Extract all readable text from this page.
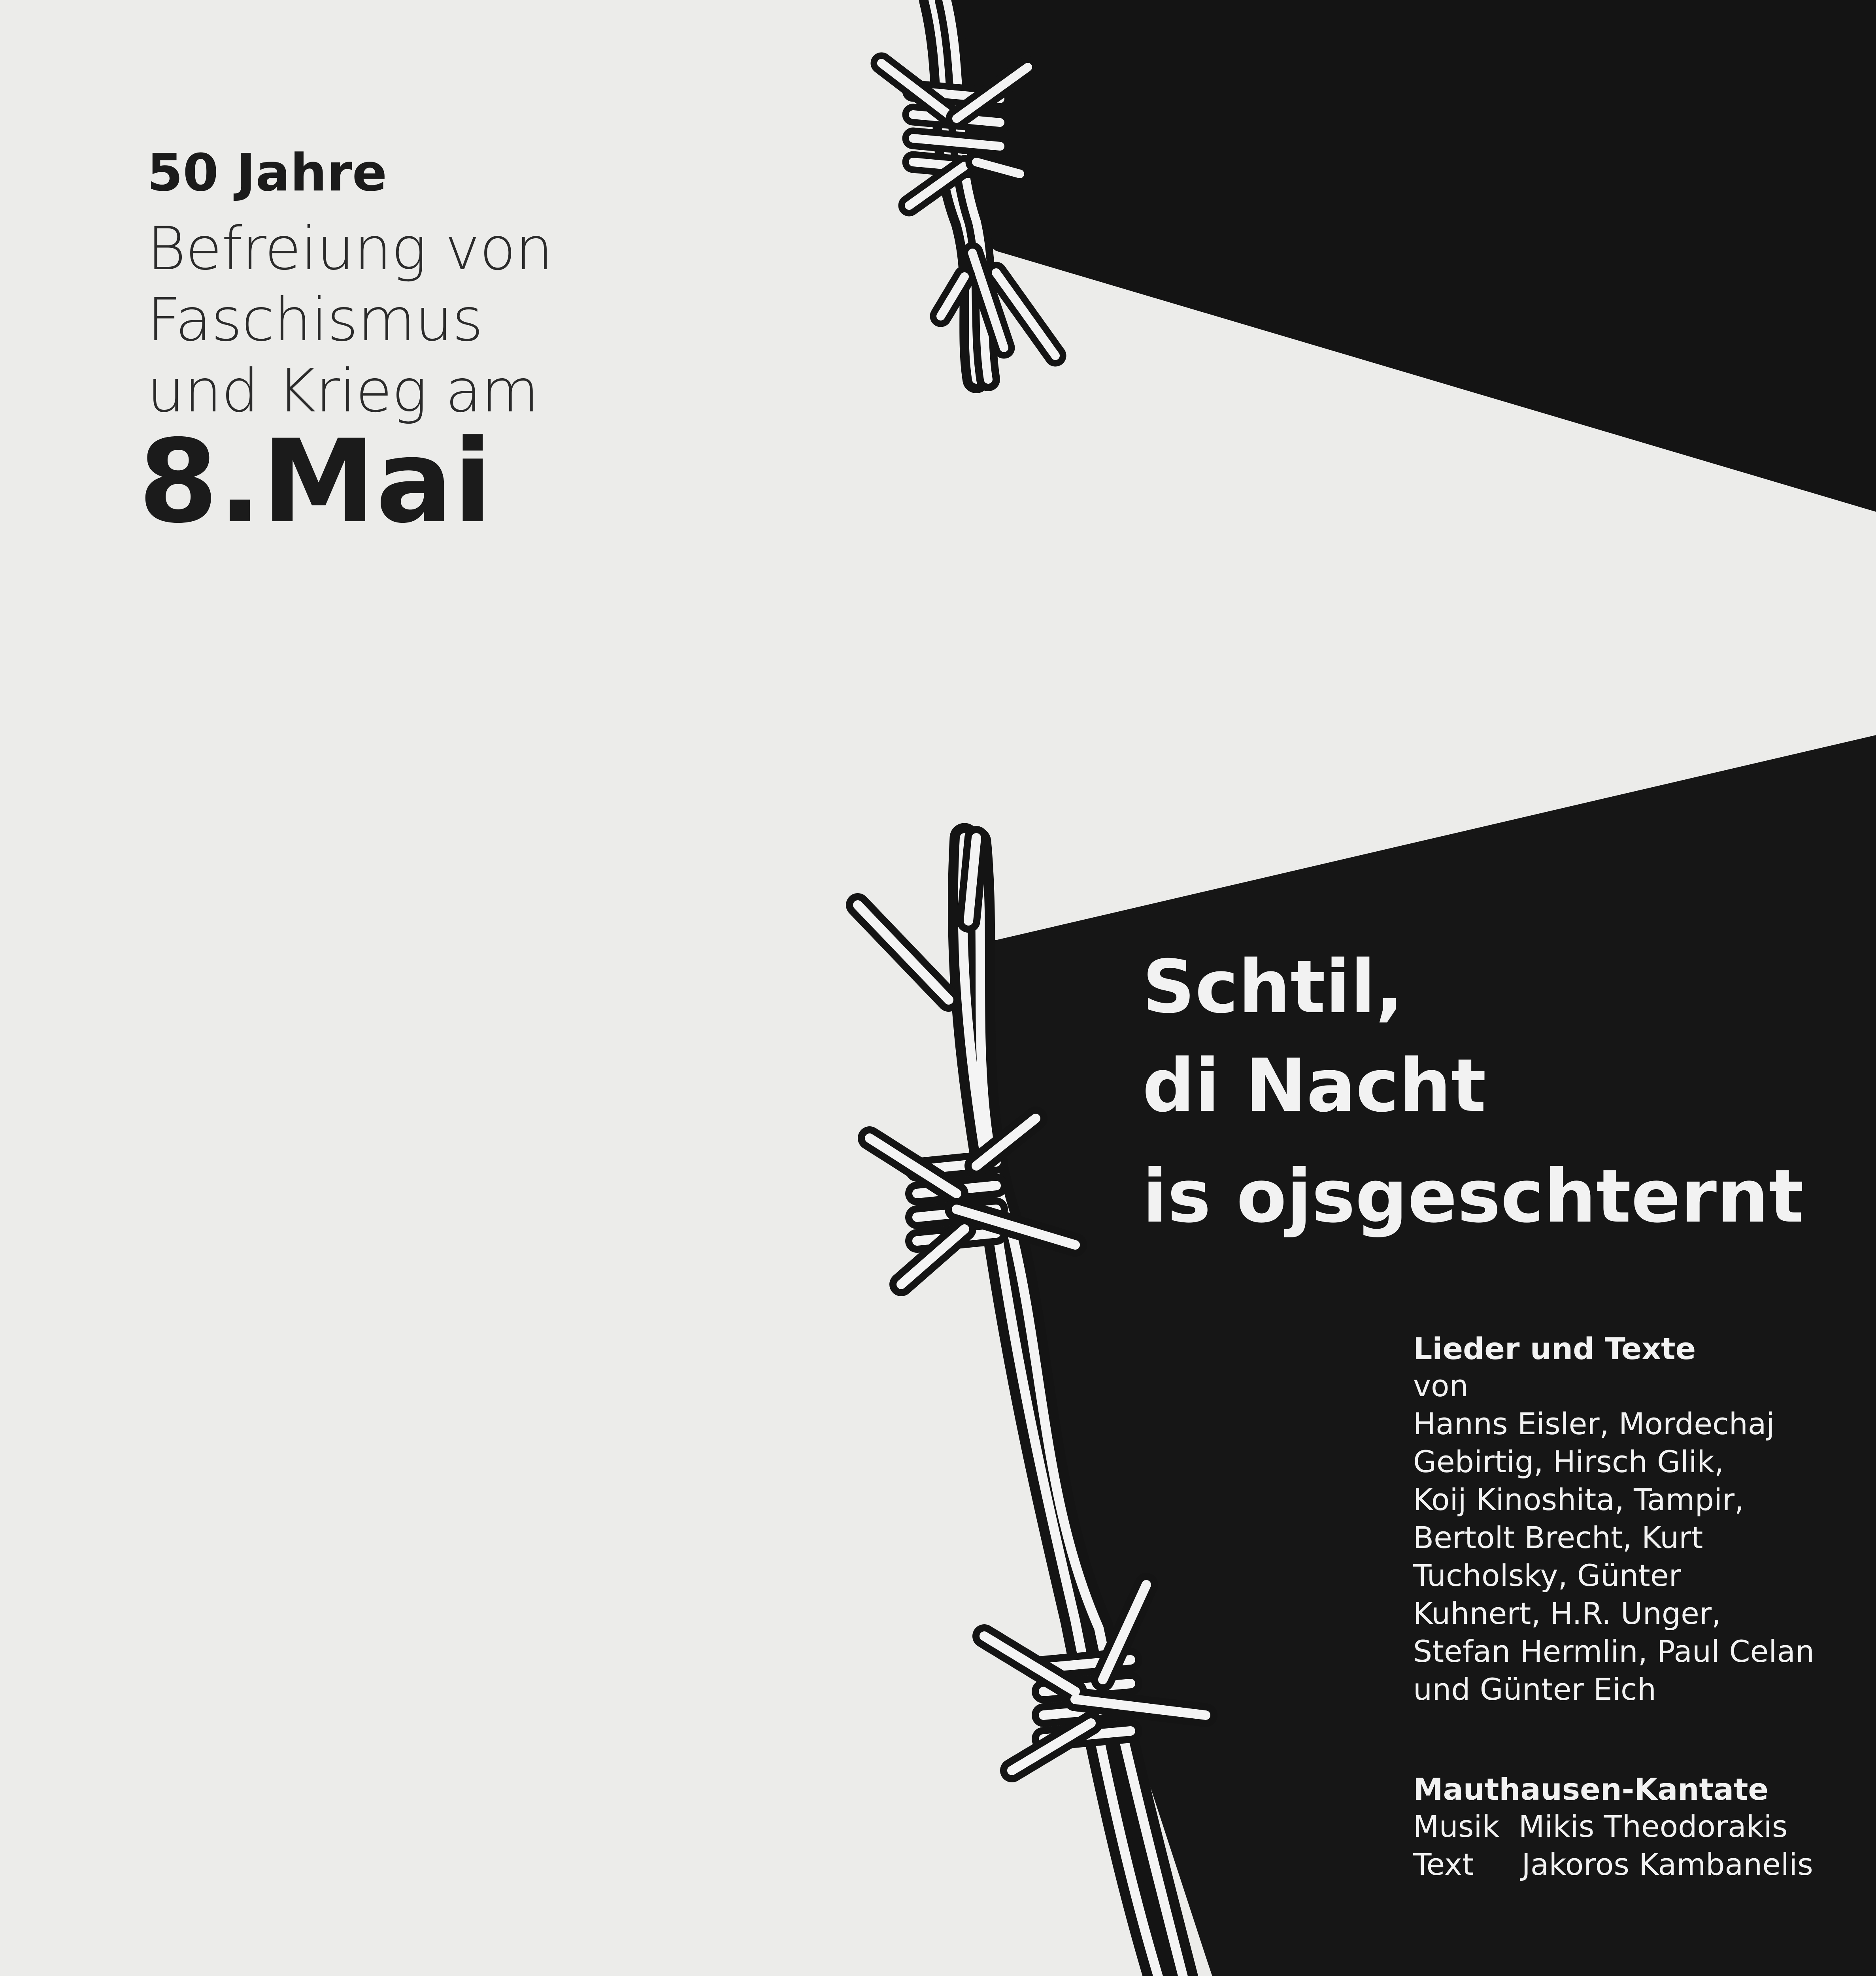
50 Jahre
Befreiung von
Faschismus
und Krieg am
8.Mai
Schtil,
di Nacht
is ojsgeschternt
Lieder und Texte
von
Hanns Eisler, Mordechaj
Gebirtig, Hirsch Glik,
Koij Kinoshita, Tampir,
Bertolt Brecht, Kurt
Tucholsky, Günter
Kuhnert, H.R. Unger,
Stefan Hermlin, Paul Celan
und Günter Eich
Mauthausen-Kantate
Musik  Mikis Theodorakis
Text     Jakoros Kambanelis
